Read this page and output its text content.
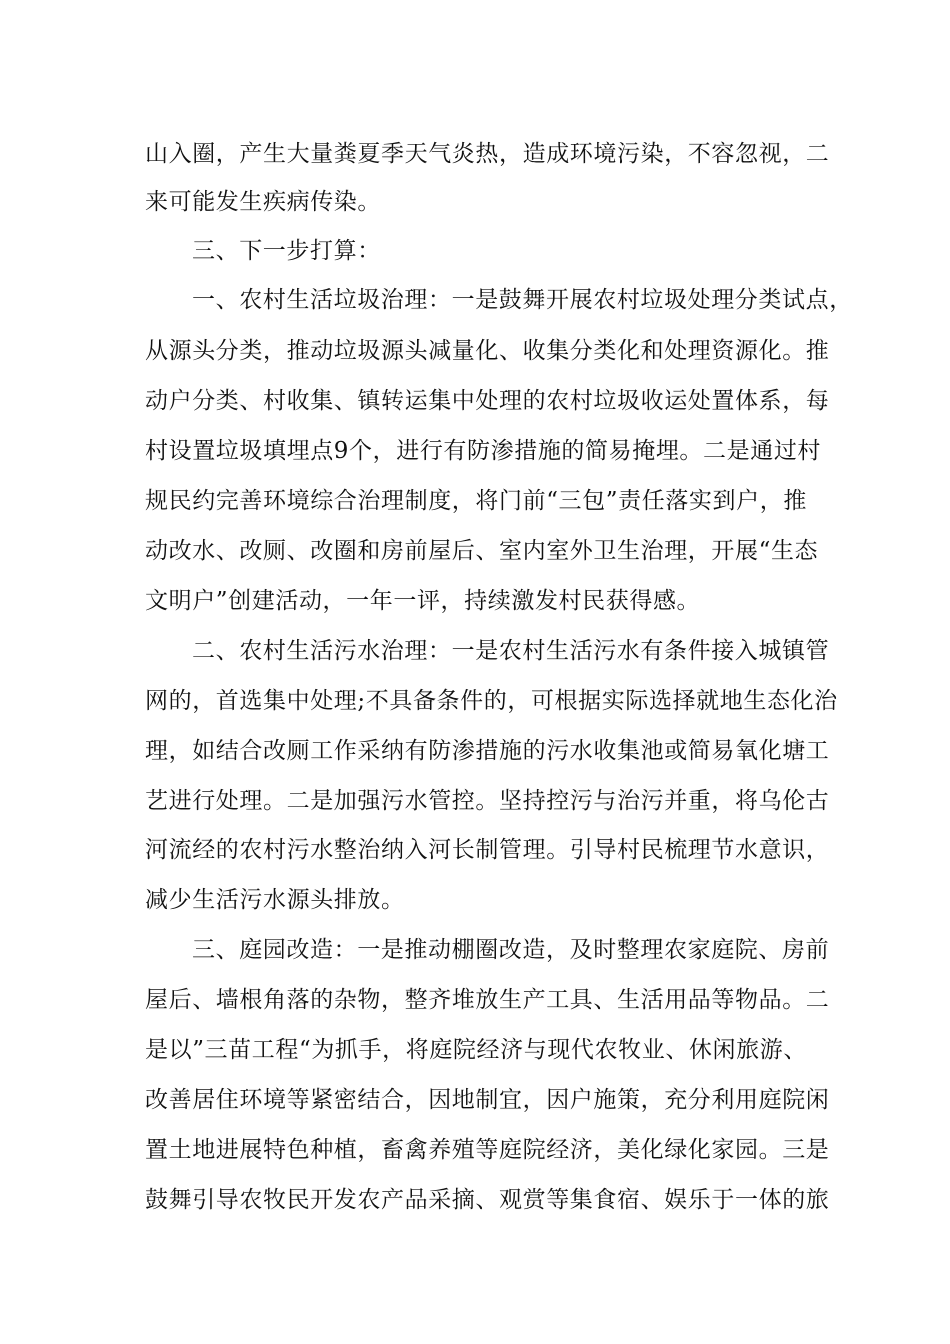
山入圈，产生大量粪夏季天气炎热，造成环境污染，不容忽视，二
来可能发生疾病传染。
三、下一步打算：
一、农村生活垃圾治理：一是鼓舞开展农村垃圾处理分类试点，
从源头分类，推动垃圾源头减量化、收集分类化和处理资源化。推
动户分类、村收集、镇转运集中处理的农村垃圾收运处置体系，每
村设置垃圾填埋点9个，进行有防渗措施的简易掩埋。二是通过村
规民约完善环境综合治理制度，将门前“三包”责任落实到户，推
动改水、改厕、改圈和房前屋后、室内室外卫生治理，开展“生态
文明户”创建活动，一年一评，持续激发村民获得感。
二、农村生活污水治理：一是农村生活污水有条件接入城镇管
网的，首选集中处理;不具备条件的，可根据实际选择就地生态化治
理，如结合改厕工作采纳有防渗措施的污水收集池或简易氧化塘工
艺进行处理。二是加强污水管控。坚持控污与治污并重，将乌伦古
河流经的农村污水整治纳入河长制管理。引导村民梳理节水意识，
减少生活污水源头排放。
三、庭园改造：一是推动棚圈改造，及时整理农家庭院、房前
屋后、墙根角落的杂物，整齐堆放生产工具、生活用品等物品。二
是以”三苗工程“为抓手，将庭院经济与现代农牧业、休闲旅游、
改善居住环境等紧密结合，因地制宜，因户施策，充分利用庭院闲
置土地进展特色种植，畜禽养殖等庭院经济，美化绿化家园。三是
鼓舞引导农牧民开发农产品采摘、观赏等集食宿、娱乐于一体的旅
